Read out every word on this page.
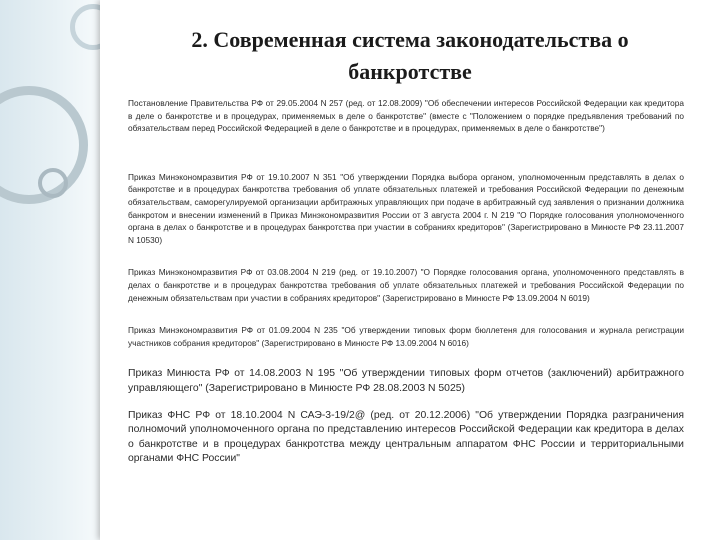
2. Современная система законодательства о банкротстве

Постановление Правительства РФ от 29.05.2004 N 257 (ред. от 12.08.2009) "Об обеспечении интересов Российской Федерации как кредитора в деле о банкротстве и в процедурах, применяемых в деле о банкротстве" (вместе с "Положением о порядке предъявления требований по обязательствам перед Российской Федерацией в деле о банкротстве и в процедурах, применяемых в деле о банкротстве")

Приказ Минэкономразвития РФ от 19.10.2007 N 351 "Об утверждении Порядка выбора органом, уполномоченным представлять в делах о банкротстве и в процедурах банкротства требования об уплате обязательных платежей и требования Российской Федерации по денежным обязательствам, саморегулируемой организации арбитражных управляющих при подаче в арбитражный суд заявления о признании должника банкротом и внесении изменений в Приказ Минэкономразвития России от 3 августа 2004 г. N 219 "О Порядке голосования уполномоченного органа в делах о банкротстве и в процедурах банкротства при участии в собраниях кредиторов" (Зарегистрировано в Минюсте РФ 23.11.2007 N 10530)

Приказ Минэкономразвития РФ от 03.08.2004 N 219 (ред. от 19.10.2007) "О Порядке голосования органа, уполномоченного представлять в делах о банкротстве и в процедурах банкротства требования об уплате обязательных платежей и требования Российской Федерации по денежным обязательствам при участии в собраниях кредиторов" (Зарегистрировано в Минюсте РФ 13.09.2004 N 6019)

Приказ Минэкономразвития РФ от 01.09.2004 N 235 "Об утверждении типовых форм бюллетеня для голосования и журнала регистрации участников собрания кредиторов" (Зарегистрировано в Минюсте РФ 13.09.2004 N 6016)

Приказ Минюста РФ от 14.08.2003 N 195 "Об утверждении типовых форм отчетов (заключений) арбитражного управляющего" (Зарегистрировано в Минюсте РФ 28.08.2003 N 5025)

Приказ ФНС РФ от 18.10.2004 N САЭ-3-19/2@ (ред. от 20.12.2006) "Об утверждении Порядка разграничения полномочий уполномоченного органа по представлению интересов Российской Федерации как кредитора в делах о банкротстве и в процедурах банкротства между центральным аппаратом ФНС России и территориальными органами ФНС России"
